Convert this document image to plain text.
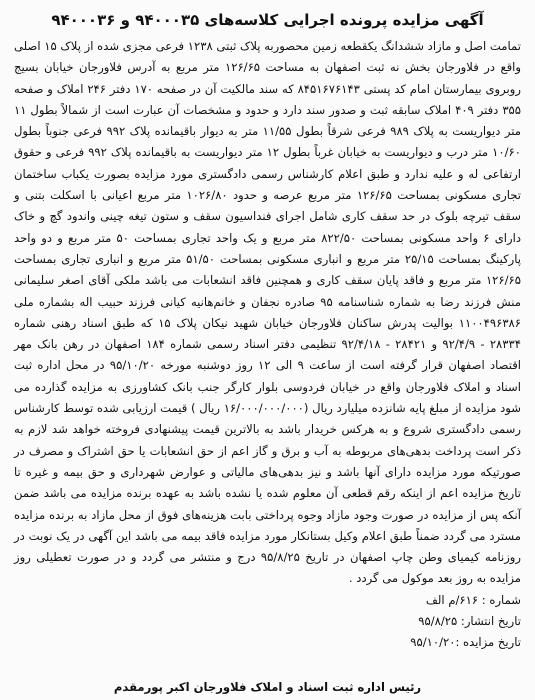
آگهی مزایده پرونده اجرایی کلاسه‌های ۹۴۰۰۰۳۵ و ۹۴۰۰۰۳۶

تمامت اصل و مازاد ششدانگ یکقطعه زمین محصوربه پلاک ثبتی ۱۲۳۸ فرعی مجزی شده از پلاک ۱۵ اصلی واقع در فلاورجان بخش نه ثبت اصفهان به مساحت ۱۲۶/۶۵ متر مربع به آدرس فلاورجان خیابان بسیج روبروی بیمارستان امام کد پستی ۸۴۵۱۶۷۶۱۴۳ که سند مالکیت آن در صفحه ۱۷۰ دفتر ۲۴۶ املاک و صفحه ۳۵۵ دفتر ۴۰۹ املاک سابقه ثبت و صدور سند دارد و حدود و مشخصات آن عبارت است از شمالاً بطول ۱۱ متر دیواریست به پلاک ۹۸۹ فرعی شرقاً بطول ۱۱/۵۵ متر به دیوار باقیمانده پلاک ۹۹۲ فرعی جنوباً بطول ۱۰/۶۰ متر درب و دیواریست به خیابان غرباً بطول ۱۲ متر دیواریست به باقیمانده پلاک ۹۹۲ فرعی و حقوق ارتفاعی له و علیه ندارد و طبق اعلام کارشناس رسمی دادگستری مورد مزایده بصورت یکباب ساختمان تجاری مسکونی بمساحت ۱۲۶/۶۵ متر مربع عرصه و حدود ۱۰۲۶/۸۰ متر مربع اعیانی با اسکلت بتنی و سقف تیرچه بلوک در حد سقف کاری شامل اجرای فنداسیون سقف و ستون تیغه چینی واندود گچ و خاک دارای ۶ واحد مسکونی بمساحت ۸۲۲/۵۰ متر مربع و یک واحد تجاری بمساحت ۵۰ متر مربع و دو واحد پارکینگ بمساحت ۲۵/۱۵ متر مربع و انباری مسکونی بمساحت ۵۱/۵۰ متر مربع و انباری تجاری بمساحت ۱۲۶/۶۵ متر مربع و فاقد پایان سقف کاری و همچنین فاقد انشعابات می باشد ملکی آقای اصغر سلیمانی منش فرزند رضا به شماره شناسنامه ۹۵ صادره نجفان و خانم‌هانیه کیانی فرزند حبیب اله بشماره ملی ۱۱۰۰۴۹۶۳۸۶ بوالیت پدرش ساکنان فلاورجان خیابان شهید نیکان پلاک ۱۵ که طبق اسناد رهنی شماره ۲۸۳۳۴ - ۹۲/۴/۹ و ۲۸۴۲۱ - ۹۲/۴/۱۸ تنظیمی دفتر اسناد رسمی شماره ۱۸۴ اصفهان در رهن بانک مهر اقتصاد اصفهان قرار گرفته است از ساعت ۹ الی ۱۲ روز دوشنبه مورخه ۹۵/۱۰/۲۰ در محل اداره ثبت اسناد و املاک فلاورجان واقع در خیابان فردوسی بلوار کارگر جنب بانک کشاورزی به مزایده گذارده می شود مزایده از مبلغ پایه شانزده میلیارد ریال (۱۶/۰۰۰/۰۰۰/۰۰۰ ریال ) قیمت ارزیابی شده توسط کارشناس رسمی دادگستری شروع و به هرکس خریدار باشد به بالاترین قیمت پیشنهادی فروخته خواهد شد لازم به ذکر است پرداخت بدهی‌های مربوطه به آب و برق و گاز اعم از حق انشعابات یا حق اشتراک و مصرف در صورتیکه مورد مزایده دارای آنها باشد و نیز بدهی‌های مالیاتی و عوارض شهرداری و حق بیمه و غیره تا تاریخ مزایده اعم از اینکه رقم قطعی آن معلوم شده یا نشده باشد به عهده برنده مزایده می باشد ضمن آنکه پس از مزایده در صورت وجود مازاد وجوه پرداختی بابت هزینه‌های فوق از محل مازاد به برنده مزایده مسترد می گردد ضمناً طبق اعلام وکیل بستانکار مورد مزایده فاقد بیمه می باشد این آگهی در یک نوبت در روزنامه کیمیای وطن چاپ اصفهان در تاریخ ۹۵/۸/۲۵ درج و منتشر می گردد و در صورت تعطیلی روز مزایده به روز بعد موکول می گردد .

شماره : ۶۱۶/م الف
تاریخ انتشار: ۹۵/۸/۲۵
تاریخ مزایده :۹۵/۱۰/۲۰
رئیس اداره ثبت اسناد و املاک فلاورجان اکبر پورمقدم
